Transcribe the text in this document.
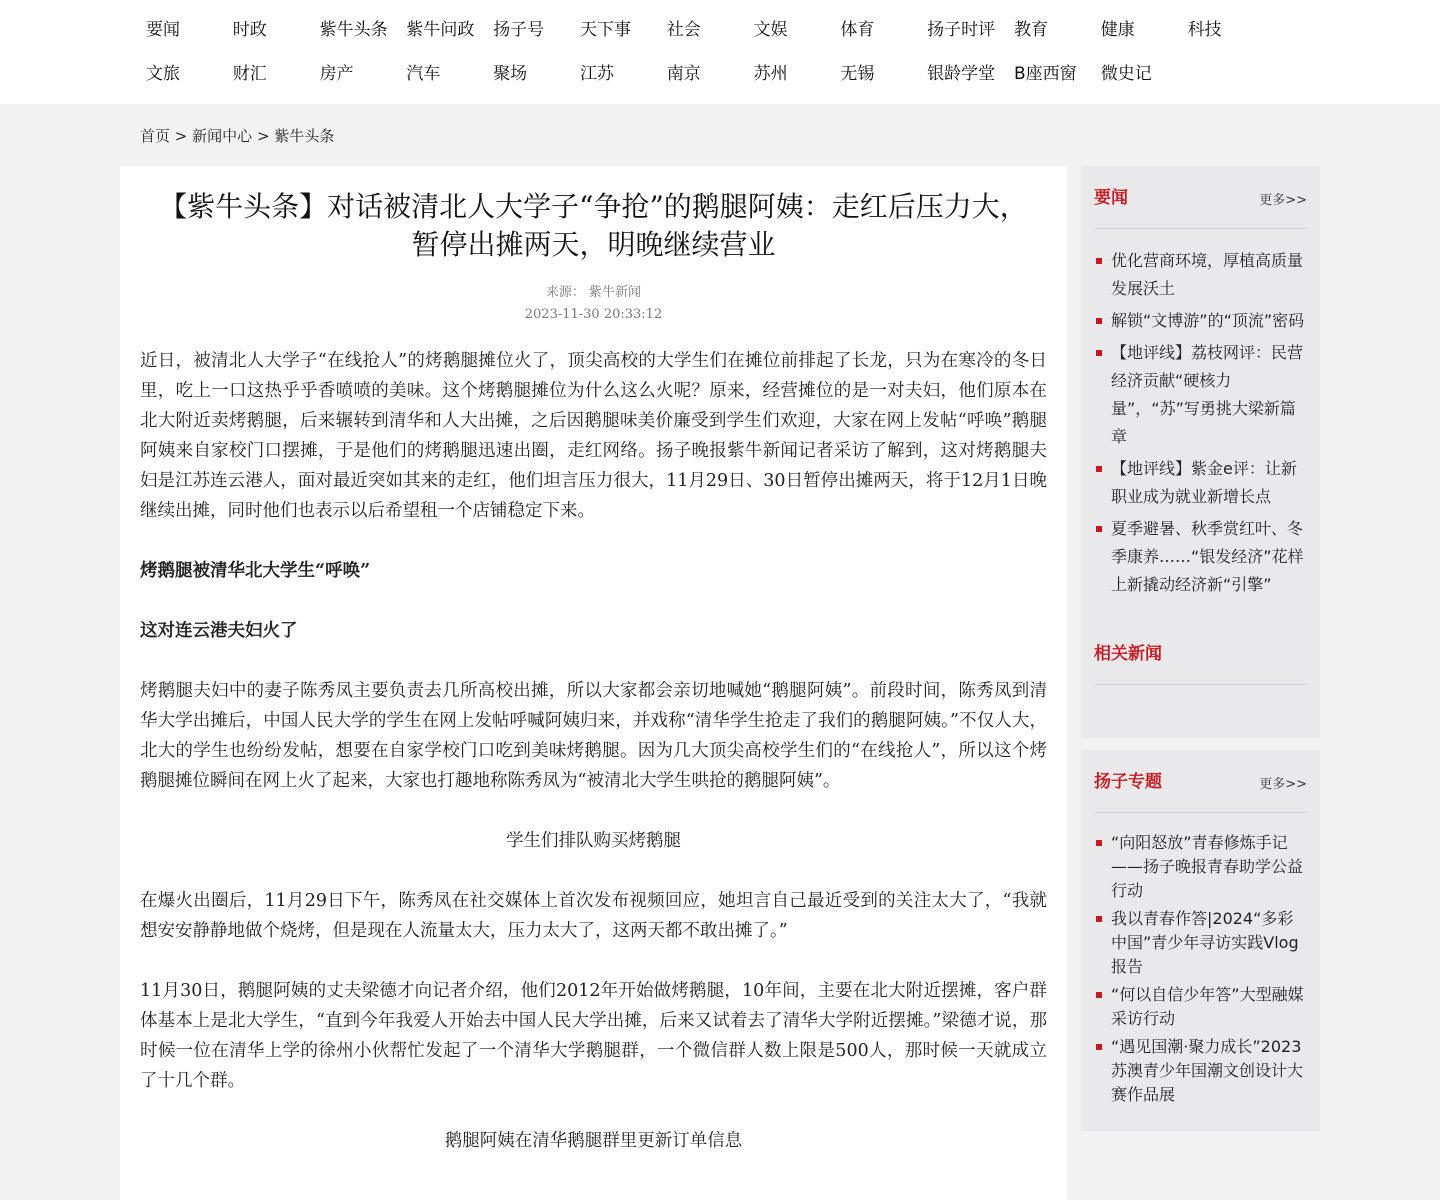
要闻	时政	紫牛头条	紫牛问政	扬子号	天下事	社会	文娱	体育	扬子时评	教育	健康	科技
文旅	财汇	房产	汽车	聚场	江苏	南京	苏州	无锡	银龄学堂	B座西窗	微史记
首页 > 新闻中心 > 紫牛头条
【紫牛头条】对话被清北人大学子“争抢”的鹅腿阿姨：走红后压力大，暂停出摊两天，明晚继续营业
来源： 紫牛新闻
2023-11-30 20:33:12

近日，被清北人大学子“在线抢人”的烤鹅腿摊位火了，顶尖高校的大学生们在摊位前排起了长龙，只为在寒冷的冬日里，吃上一口这热乎乎香喷喷的美味。这个烤鹅腿摊位为什么这么火呢？原来，经营摊位的是一对夫妇，他们原本在北大附近卖烤鹅腿，后来辗转到清华和人大出摊，之后因鹅腿味美价廉受到学生们欢迎，大家在网上发帖“呼唤”鹅腿阿姨来自家校门口摆摊，于是他们的烤鹅腿迅速出圈，走红网络。扬子晚报紫牛新闻记者采访了解到，这对烤鹅腿夫妇是江苏连云港人，面对最近突如其来的走红，他们坦言压力很大，11月29日、30日暂停出摊两天，将于12月1日晚继续出摊，同时他们也表示以后希望租一个店铺稳定下来。

烤鹅腿被清华北大学生“呼唤”

这对连云港夫妇火了

烤鹅腿夫妇中的妻子陈秀凤主要负责去几所高校出摊，所以大家都会亲切地喊她“鹅腿阿姨”。前段时间，陈秀凤到清华大学出摊后，中国人民大学的学生在网上发帖呼喊阿姨归来，并戏称“清华学生抢走了我们的鹅腿阿姨。”不仅人大，北大的学生也纷纷发帖，想要在自家学校门口吃到美味烤鹅腿。因为几大顶尖高校学生们的“在线抢人”，所以这个烤鹅腿摊位瞬间在网上火了起来，大家也打趣地称陈秀凤为“被清北大学生哄抢的鹅腿阿姨”。

学生们排队购买烤鹅腿

在爆火出圈后，11月29日下午，陈秀凤在社交媒体上首次发布视频回应，她坦言自己最近受到的关注太大了，“我就想安安静静地做个烧烤，但是现在人流量太大，压力太大了，这两天都不敢出摊了。”

11月30日，鹅腿阿姨的丈夫梁德才向记者介绍，他们2012年开始做烤鹅腿，10年间，主要在北大附近摆摊，客户群体基本上是北大学生，“直到今年我爱人开始去中国人民大学出摊，后来又试着去了清华大学附近摆摊。”梁德才说，那时候一位在清华上学的徐州小伙帮忙发起了一个清华大学鹅腿群，一个微信群人数上限是500人，那时候一天就成立了十几个群。

鹅腿阿姨在清华鹅腿群里更新订单信息

要闻	更多>>
优化营商环境，厚植高质量发展沃土
解锁“文博游”的“顶流”密码
【地评线】荔枝网评：民营经济贡献“硬核力量”，“苏”写勇挑大梁新篇章
【地评线】紫金e评：让新职业成为就业新增长点
夏季避暑、秋季赏红叶、冬季康养……“银发经济”花样上新撬动经济新“引擎”
相关新闻
扬子专题	更多>>
“向阳怒放”青春修炼手记——扬子晚报青春助学公益行动
我以青春作答|2024“多彩中国”青少年寻访实践Vlog报告
“何以自信少年答”大型融媒采访行动
“遇见国潮·聚力成长”2023苏澳青少年国潮文创设计大赛作品展
